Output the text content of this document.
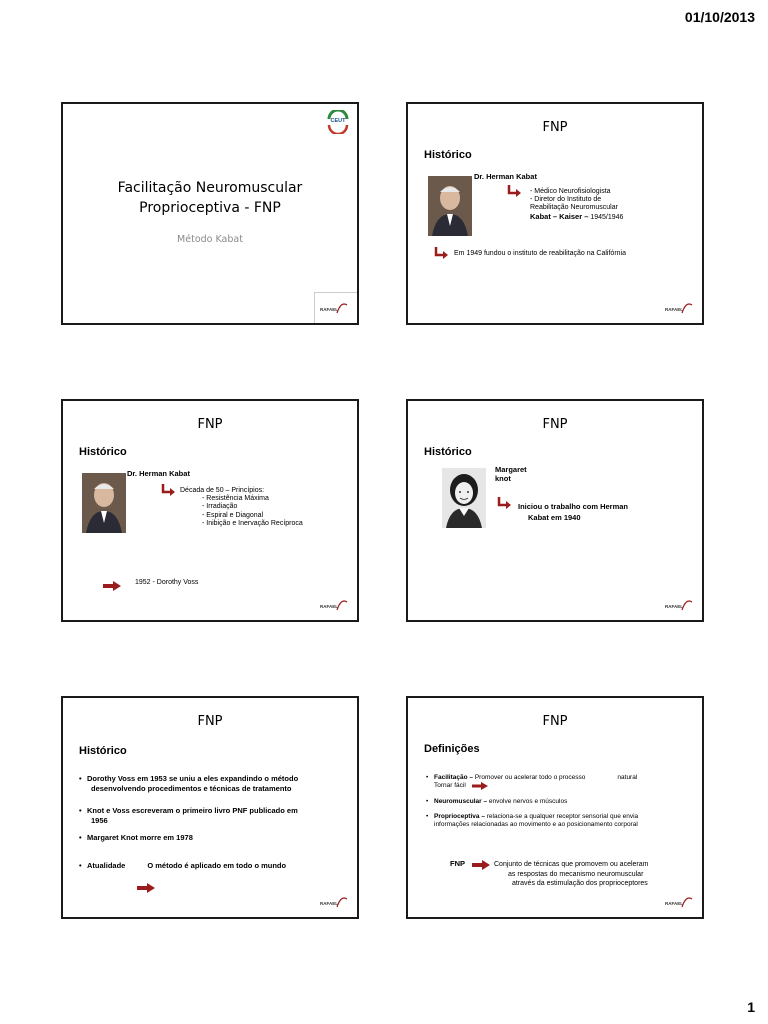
01/10/2013
CEUT
Facilitação Neuromuscular
Proprioceptiva - FNP
Método Kabat
RAFAEL
FNP
Histórico
Dr. Herman Kabat
- Médico Neurofisiologista
- Diretor do Instituto de
Reabilitação Neuromuscular
Kabat – Kaiser – 1945/1946
Em 1949 fundou o instituto de reabilitação na Califórnia
RAFAEL
FNP
Histórico
Dr. Herman Kabat
Década de 50 – Princípios:
- Resistência Máxima
- Irradiação
- Espiral e Diagonal
- Inibição e Inervação Recíproca
1952 - Dorothy Voss
RAFAEL
FNP
Histórico
Margaret
knot
Iniciou o trabalho com Herman
Kabat em 1940
RAFAEL
FNP
Histórico
• Dorothy Voss em 1953 se uniu a eles expandindo o método
desenvolvendo procedimentos e técnicas de tratamento
• Knot e Voss escreveram o primeiro livro PNF publicado em
1956
• Margaret Knot morre em 1978
• Atualidade	O método é aplicado em todo o mundo
RAFAEL
FNP
Definições
• Facilitação – Promover ou acelerar todo o processo	natural
Tornar fácil
• Neuromuscular – envolve nervos e músculos
• Proprioceptiva – relaciona-se a qualquer receptor sensorial que envia
informações relacionadas ao movimento e ao posicionamento corporal
FNP	Conjunto de técnicas que promovem ou aceleram
as respostas do mecanismo neuromuscular
através da estimulação dos proprioceptores
RAFAEL
1
